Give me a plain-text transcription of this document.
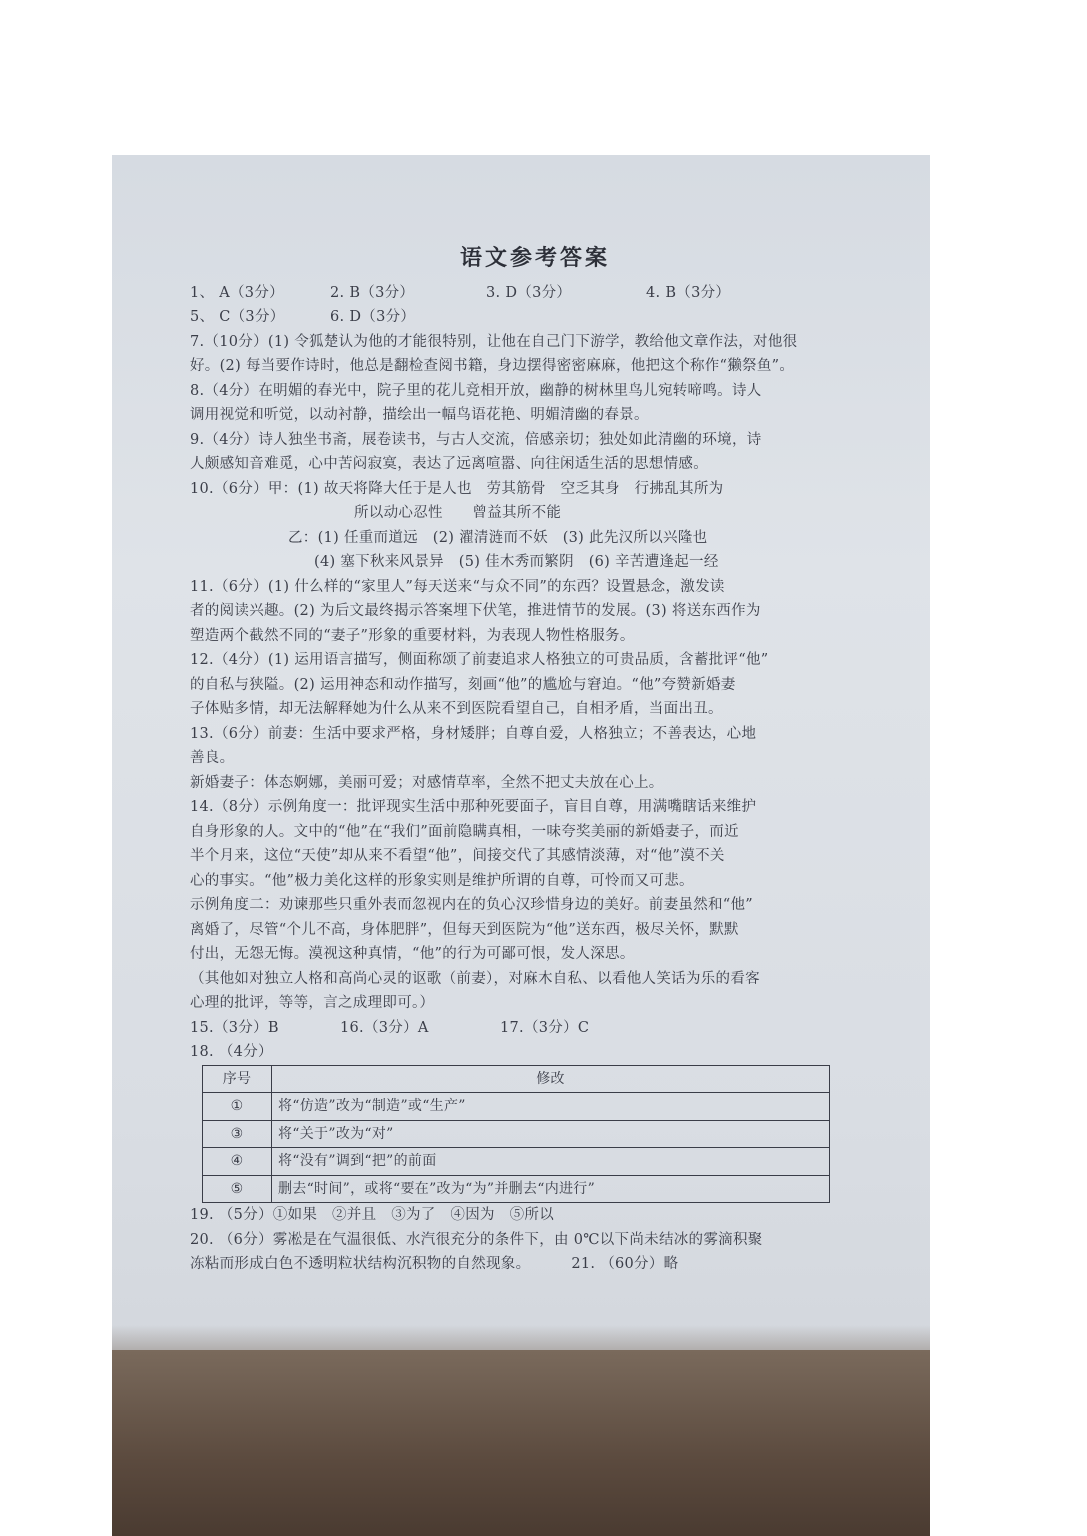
语文参考答案
1、 A（3分）	2. B（3分）	3. D（3分）	4. B（3分）
5、 C（3分）	6. D（3分）

7.（10分）(1) 令狐楚认为他的才能很特别，让他在自己门下游学，教给他文章作法，对他很

好。(2) 每当要作诗时，他总是翻检查阅书籍，身边摆得密密麻麻，他把这个称作“獭祭鱼”。

8.（4分）在明媚的春光中，院子里的花儿竞相开放，幽静的树林里鸟儿宛转啼鸣。诗人

调用视觉和听觉，以动衬静，描绘出一幅鸟语花艳、明媚清幽的春景。

9.（4分）诗人独坐书斋，展卷读书，与古人交流，倍感亲切；独处如此清幽的环境，诗

人颇感知音难觅，心中苦闷寂寞，表达了远离喧嚣、向往闲适生活的思想情感。

10.（6分）甲：(1) 故天将降大任于是人也　劳其筋骨　空乏其身　行拂乱其所为

所以动心忍性　　曾益其所不能

乙：(1) 任重而道远　(2) 濯清涟而不妖　(3) 此先汉所以兴隆也

(4) 塞下秋来风景异　(5) 佳木秀而繁阴　(6) 辛苦遭逢起一经

11.（6分）(1) 什么样的“家里人”每天送来“与众不同”的东西？设置悬念，激发读

者的阅读兴趣。(2) 为后文最终揭示答案埋下伏笔，推进情节的发展。(3) 将送东西作为

塑造两个截然不同的“妻子”形象的重要材料，为表现人物性格服务。

12.（4分）(1) 运用语言描写，侧面称颂了前妻追求人格独立的可贵品质，含蓄批评“他”

的自私与狭隘。(2) 运用神态和动作描写，刻画“他”的尴尬与窘迫。“他”夸赞新婚妻

子体贴多情，却无法解释她为什么从来不到医院看望自己，自相矛盾，当面出丑。

13.（6分）前妻：生活中要求严格，身材矮胖；自尊自爱，人格独立；不善表达，心地

善良。

新婚妻子：体态婀娜，美丽可爱；对感情草率，全然不把丈夫放在心上。

14.（8分）示例角度一：批评现实生活中那种死要面子，盲目自尊，用满嘴瞎话来维护

自身形象的人。文中的“他”在“我们”面前隐瞒真相，一味夸奖美丽的新婚妻子，而近

半个月来，这位“天使”却从来不看望“他”，间接交代了其感情淡薄，对“他”漠不关

心的事实。“他”极力美化这样的形象实则是维护所谓的自尊，可怜而又可悲。

示例角度二：劝谏那些只重外表而忽视内在的负心汉珍惜身边的美好。前妻虽然和“他”

离婚了，尽管“个儿不高，身体肥胖”，但每天到医院为“他”送东西，极尽关怀，默默

付出，无怨无悔。漠视这种真情，“他”的行为可鄙可恨，发人深思。

（其他如对独立人格和高尚心灵的讴歌（前妻），对麻木自私、以看他人笑话为乐的看客

心理的批评，等等，言之成理即可。）

15.（3分）B	16.（3分）A	17.（3分）C

18. （4分）

序号	修改
①	将“仿造”改为“制造”或“生产”
③	将“关于”改为“对”
④	将“没有”调到“把”的前面
⑤	删去“时间”，或将“要在”改为“为”并删去“内进行”

19. （5分）①如果　②并且　③为了　④因为　⑤所以

20. （6分）雾凇是在气温很低、水汽很充分的条件下，由 0℃以下尚未结冰的雾滴积聚

冻粘而形成白色不透明粒状结构沉积物的自然现象。	21. （60分）略
